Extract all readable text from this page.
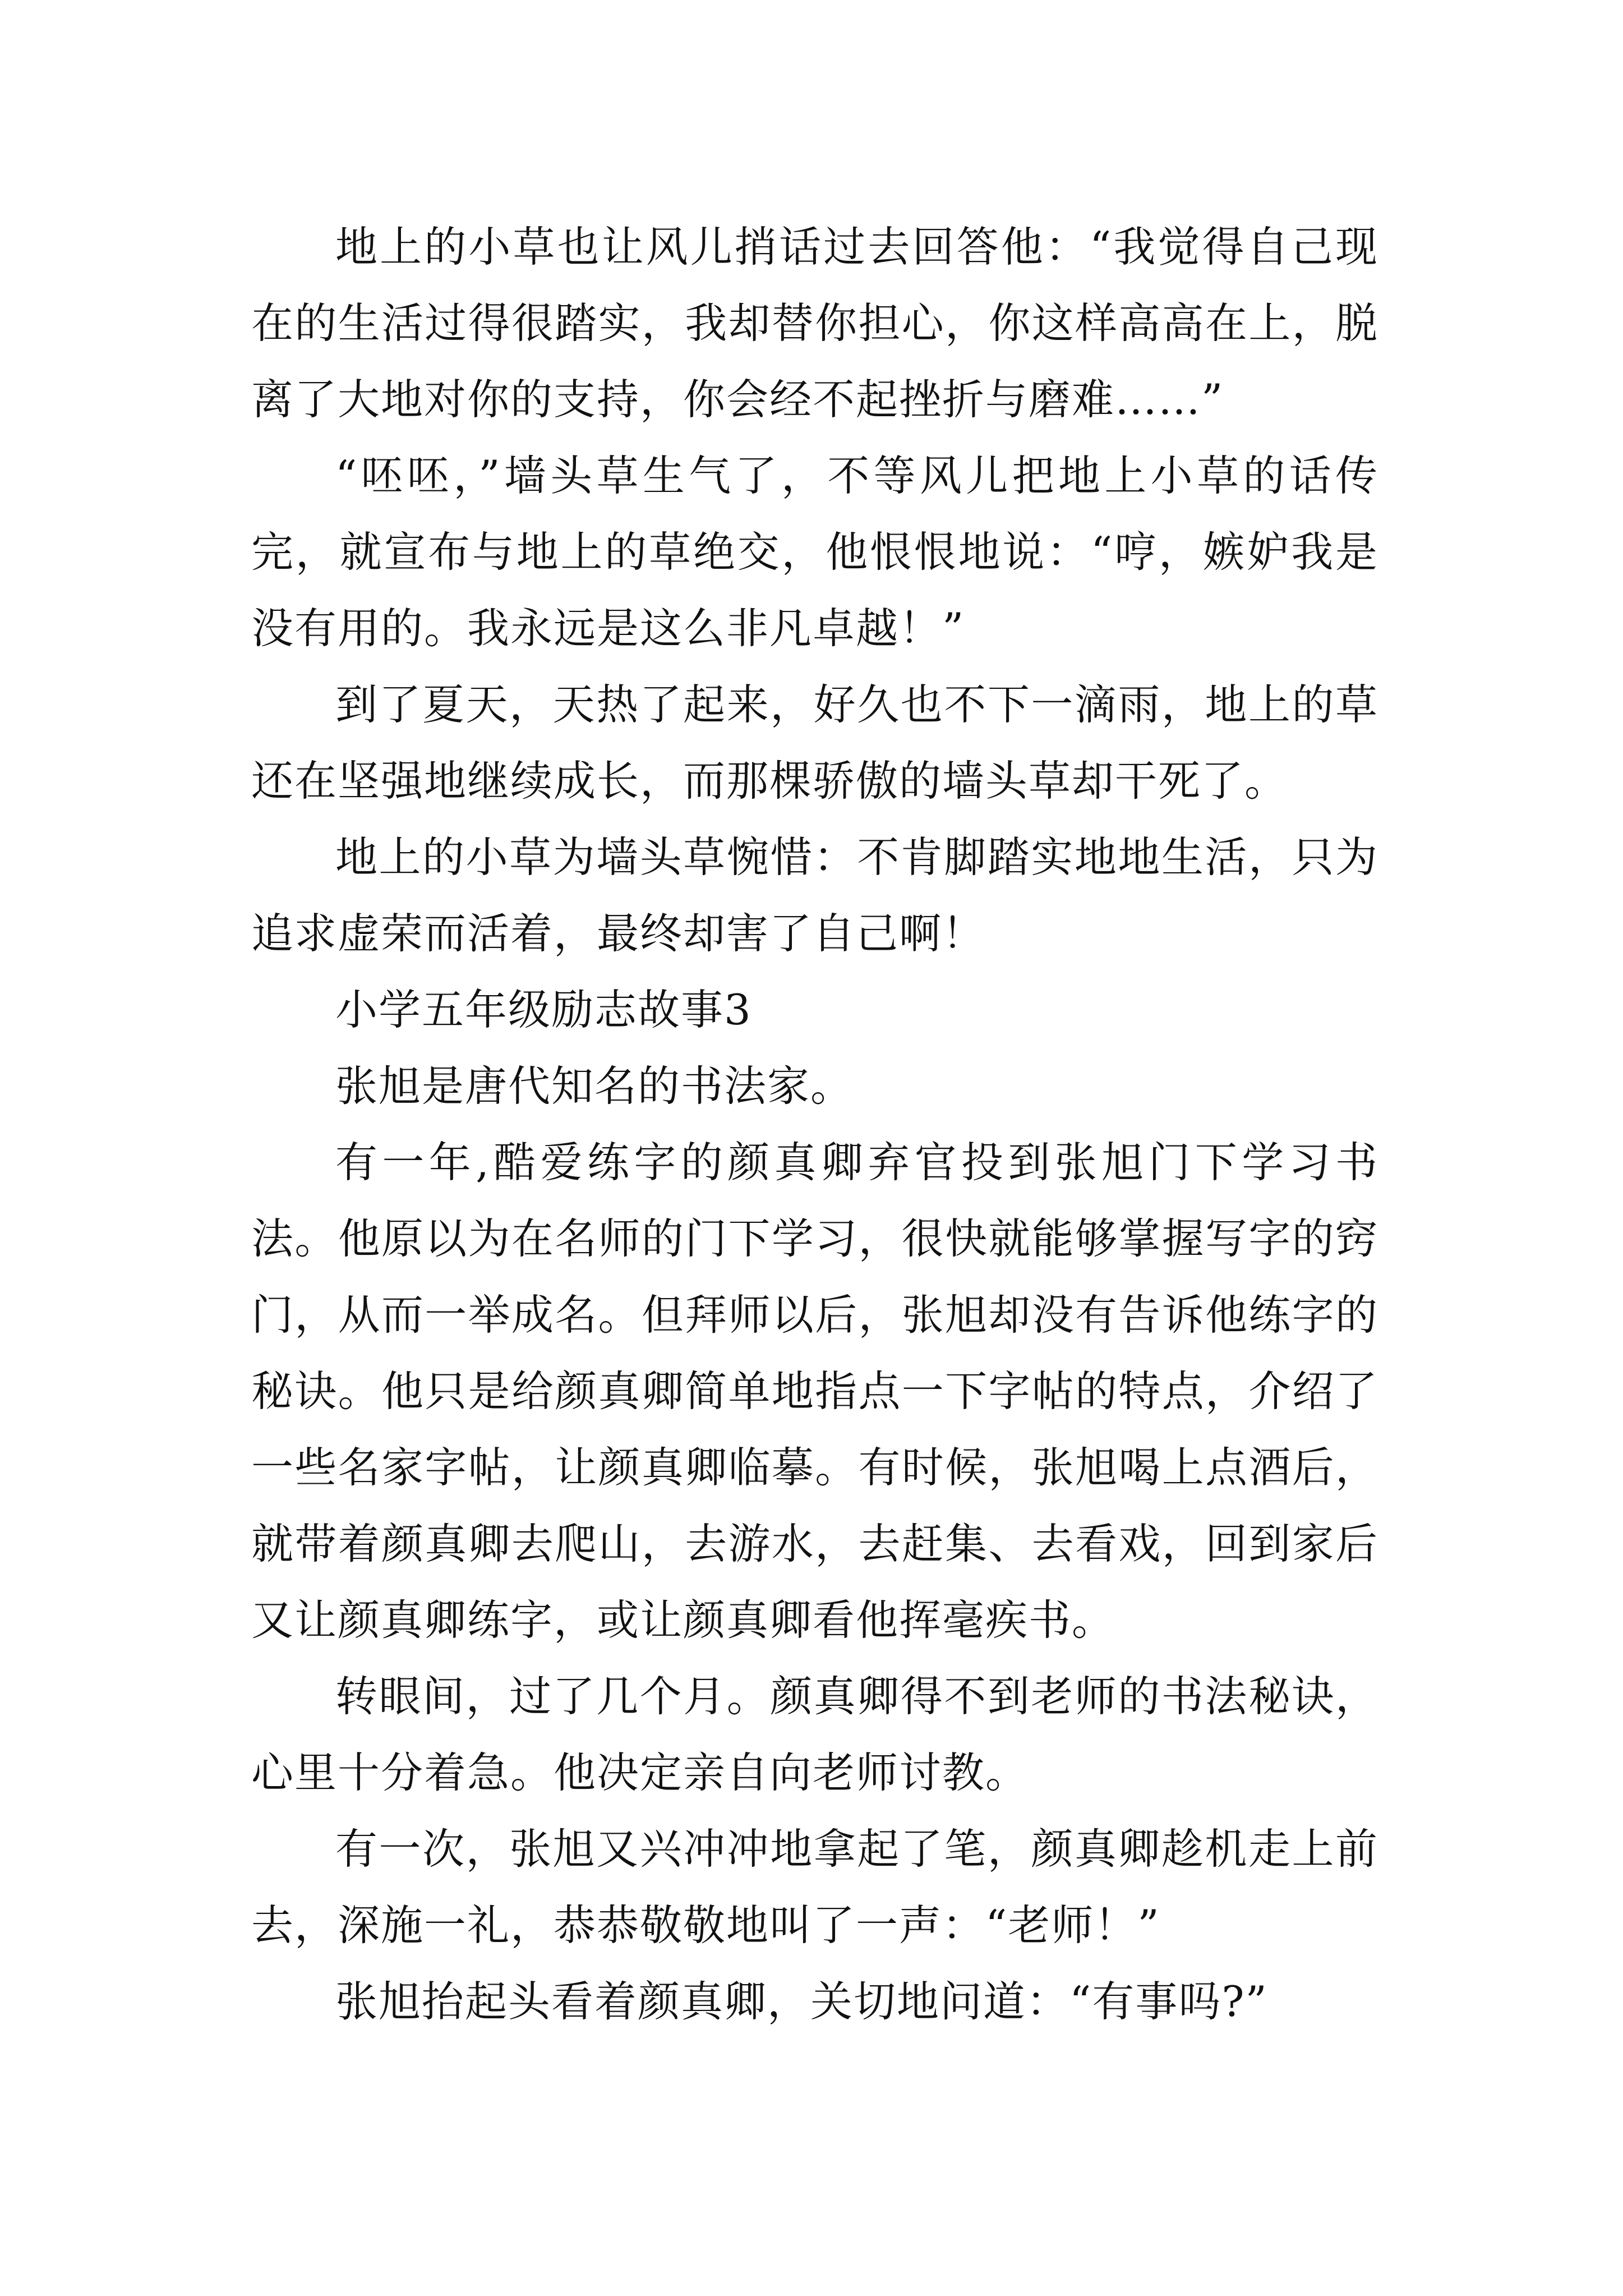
地上的小草也让风儿捎话过去回答他：“我觉得自己现在的生活过得很踏实，我却替你担心，你这样高高在上，脱离了大地对你的支持，你会经不起挫折与磨难……”

“呸呸，”墙头草生气了，不等风儿把地上小草的话传完，就宣布与地上的草绝交，他恨恨地说：“哼，嫉妒我是没有用的。我永远是这么非凡卓越！”

到了夏天，天热了起来，好久也不下一滴雨，地上的草还在坚强地继续成长，而那棵骄傲的墙头草却干死了。

地上的小草为墙头草惋惜：不肯脚踏实地地生活，只为追求虚荣而活着，最终却害了自己啊！

小学五年级励志故事3

张旭是唐代知名的书法家。

有一年,酷爱练字的颜真卿弃官投到张旭门下学习书法。他原以为在名师的门下学习，很快就能够掌握写字的窍门，从而一举成名。但拜师以后，张旭却没有告诉他练字的秘诀。他只是给颜真卿简单地指点一下字帖的特点，介绍了一些名家字帖，让颜真卿临摹。有时候，张旭喝上点酒后，就带着颜真卿去爬山，去游水，去赶集、去看戏，回到家后又让颜真卿练字，或让颜真卿看他挥毫疾书。

转眼间，过了几个月。颜真卿得不到老师的书法秘诀，心里十分着急。他决定亲自向老师讨教。

有一次，张旭又兴冲冲地拿起了笔，颜真卿趁机走上前去，深施一礼，恭恭敬敬地叫了一声：“老师！”

张旭抬起头看着颜真卿，关切地问道：“有事吗?”
